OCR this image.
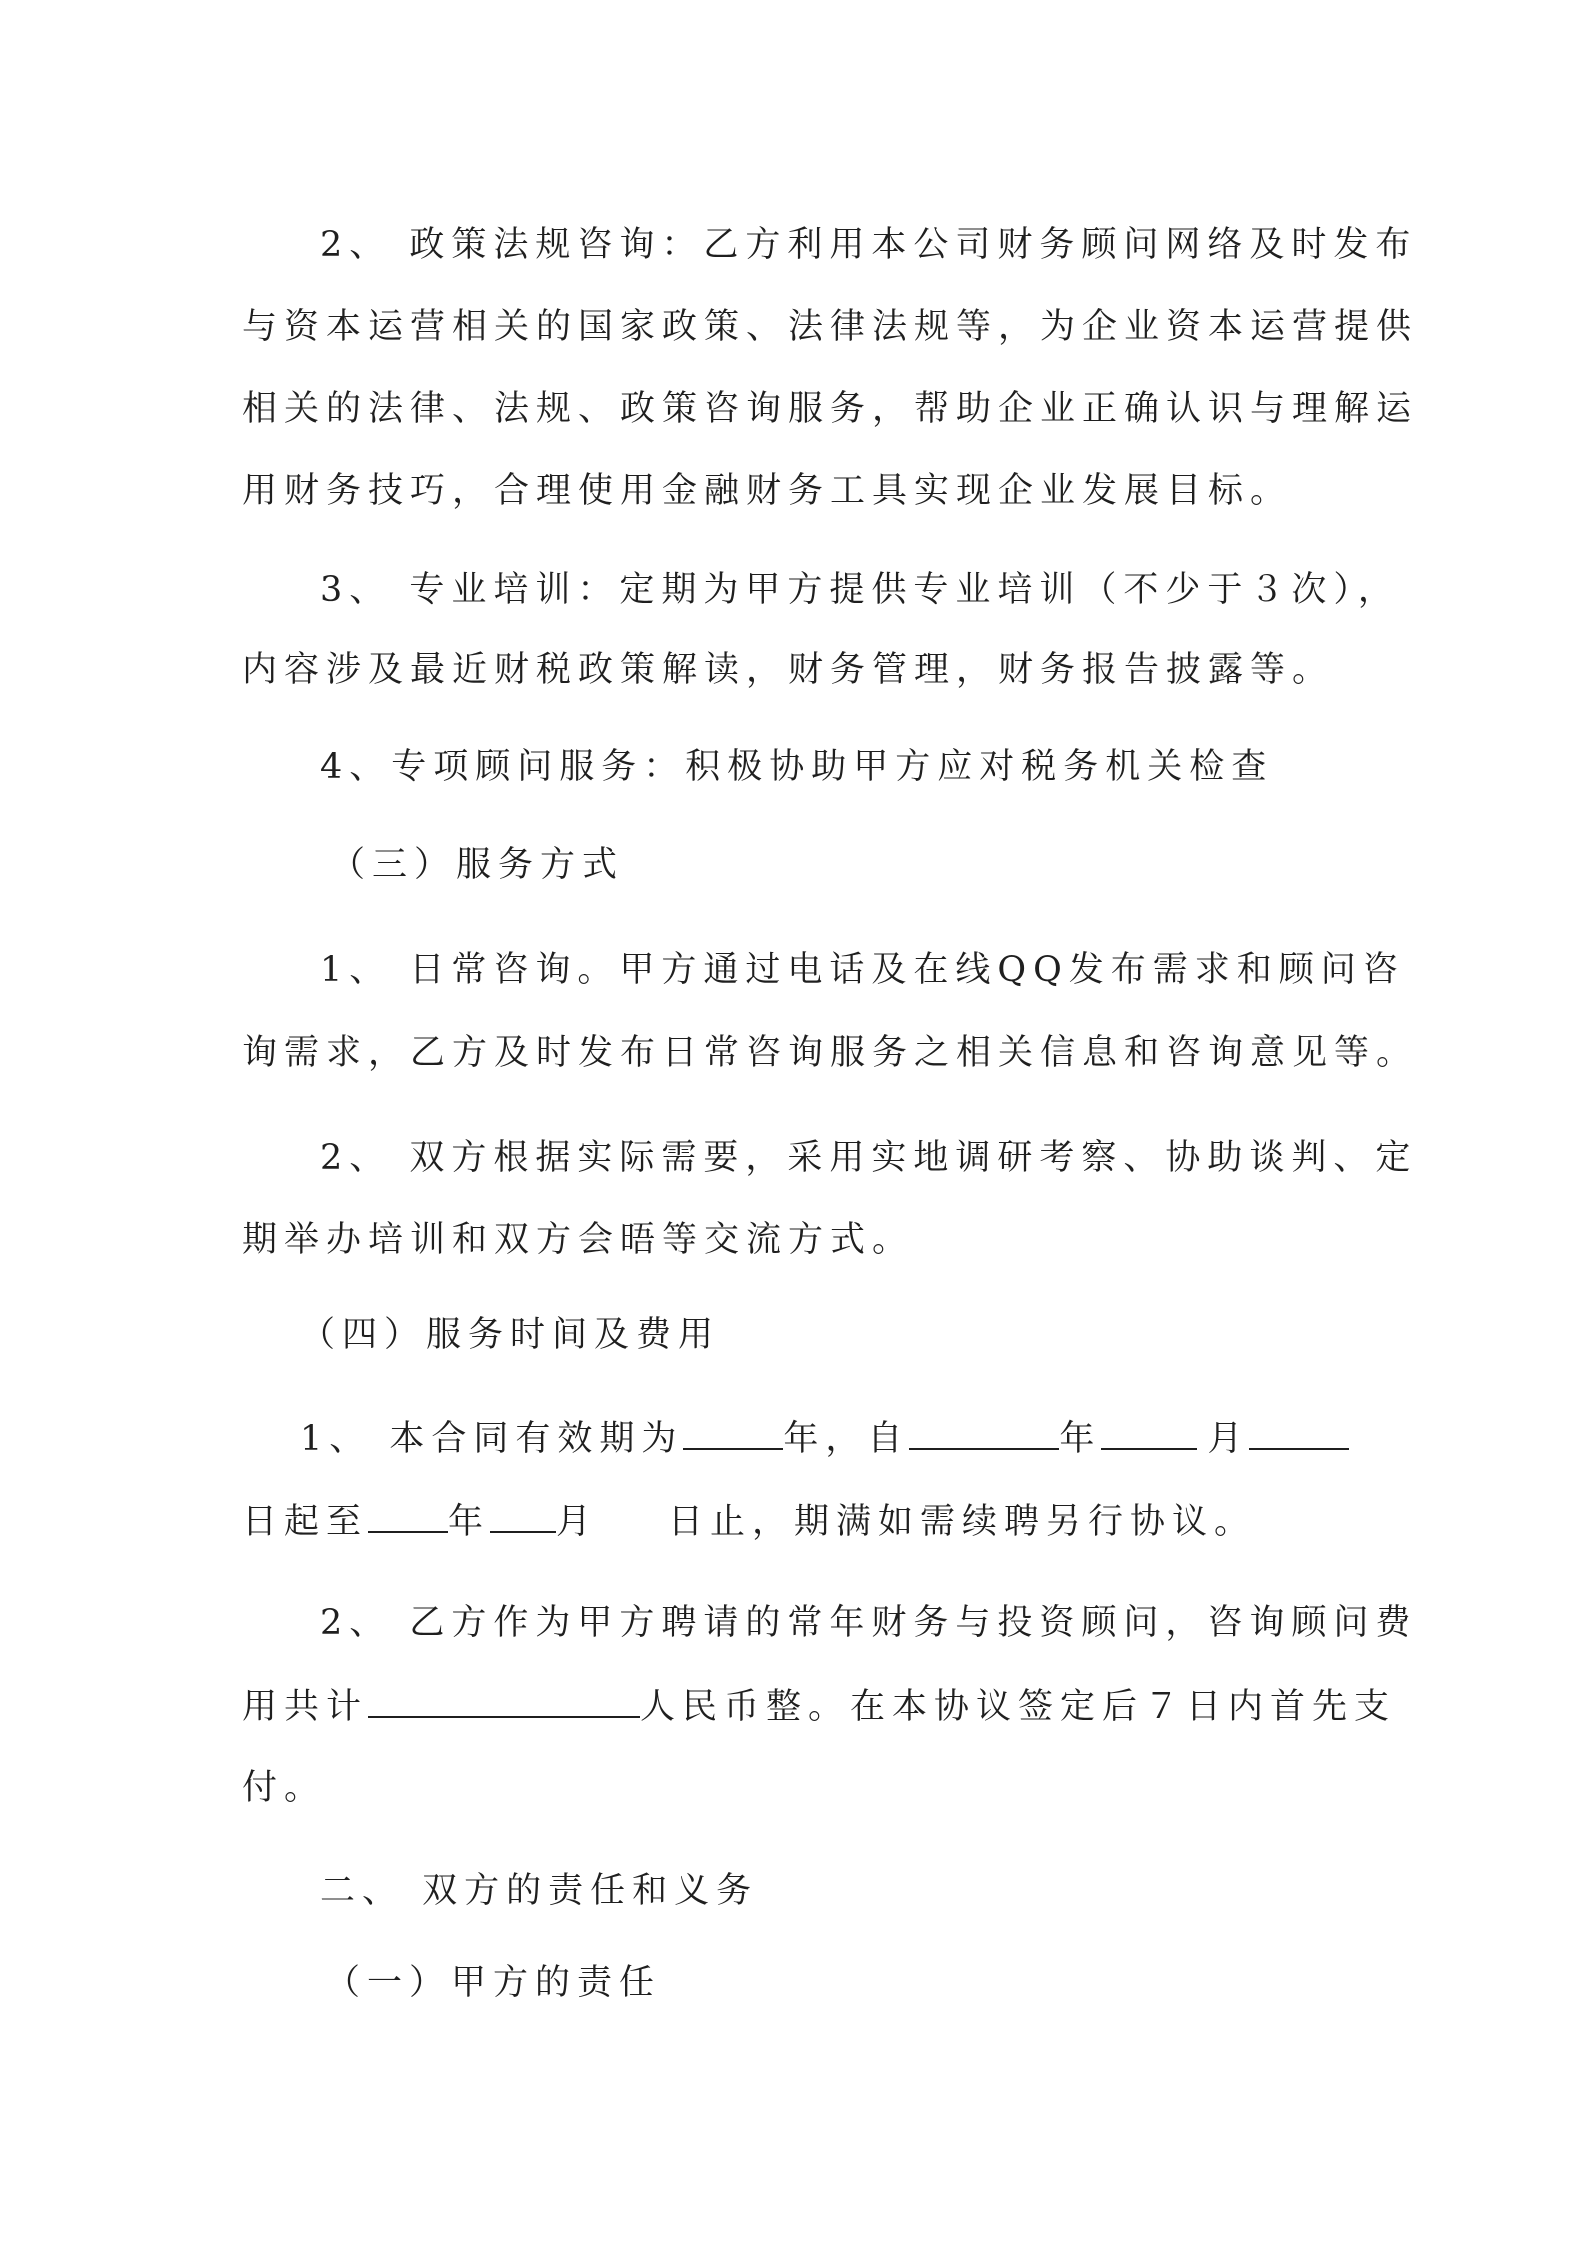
2、 政策法规咨询：乙方利用本公司财务顾问网络及时发布
与资本运营相关的国家政策、法律法规等，为企业资本运营提供
相关的法律、法规、政策咨询服务，帮助企业正确认识与理解运
用财务技巧，合理使用金融财务工具实现企业发展目标。
3、 专业培训：定期为甲方提供专业培训（不少于３次），
内容涉及最近财税政策解读，财务管理，财务报告披露等。
4、专项顾问服务：积极协助甲方应对税务机关检查
（三）服务方式
1、 日常咨询。甲方通过电话及在线QQ发布需求和顾问咨
询需求，乙方及时发布日常咨询服务之相关信息和咨询意见等。
2、 双方根据实际需要，采用实地调研考察、协助谈判、定
期举办培训和双方会晤等交流方式。
（四）服务时间及费用
1、 本合同有效期为	年，自	年	月
日起至 年 月 日止，期满如需续聘另行协议。
2、 乙方作为甲方聘请的常年财务与投资顾问，咨询顾问费
用共计	人民币整。在本协议签定后７日内首先支
付。
二、 双方的责任和义务
（一）甲方的责任
